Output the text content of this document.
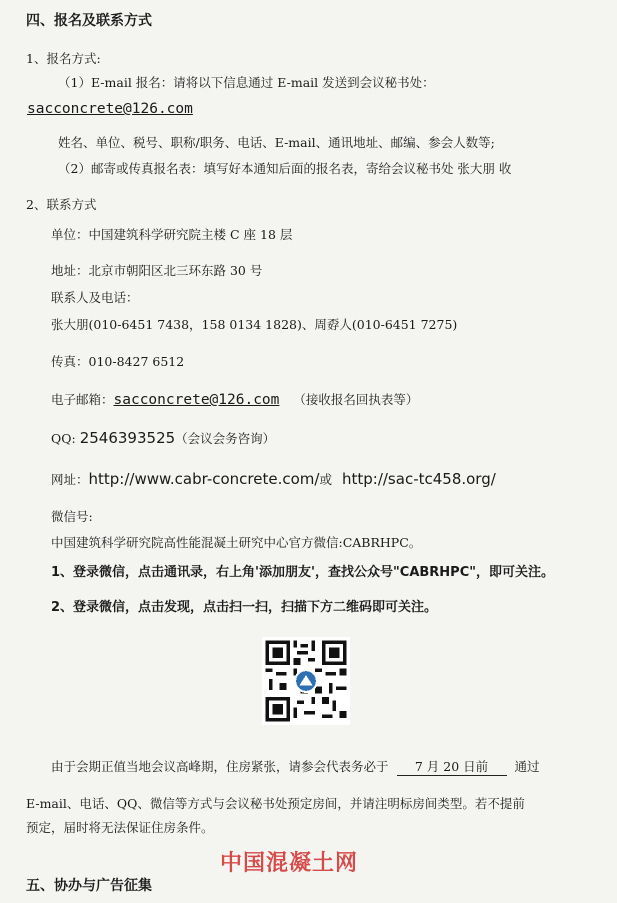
四、报名及联系方式
1、报名方式:
（1）E-mail 报名：请将以下信息通过 E-mail 发送到会议秘书处：
sacconcrete@126.com
姓名、单位、税号、职称/职务、电话、E-mail、通讯地址、邮编、参会人数等;
（2）邮寄或传真报名表：填写好本通知后面的报名表，寄给会议秘书处 张大朋 收
2、联系方式
单位：中国建筑科学研究院主楼 C 座 18 层
地址：北京市朝阳区北三环东路 30 号
联系人及电话：
张大朋(010-6451 7438，158 0134 1828)、周孬人(010-6451 7275)
传真：010-8427 6512
电子邮箱：sacconcrete@126.com （接收报名回执表等）
QQ: 2546393525（会议会务咨询）
网址：http://www.cabr-concrete.com/或 http://sac-tc458.org/
微信号:
中国建筑科学研究院高性能混凝土研究中心官方微信:CABRHPC。
1、登录微信，点击通讯录，右上角'添加朋友'，查找公众号"CABRHPC"，即可关注。
2、登录微信，点击发现，点击扫一扫，扫描下方二维码即可关注。
由于会期正值当地会议高峰期，住房紧张，请参会代表务必于 7 月 20 日前 通过
E-mail、电话、QQ、微信等方式与会议秘书处预定房间，并请注明标房间类型。若不提前
预定，届时将无法保证住房条件。
中国混凝土网
五、协办与广告征集
